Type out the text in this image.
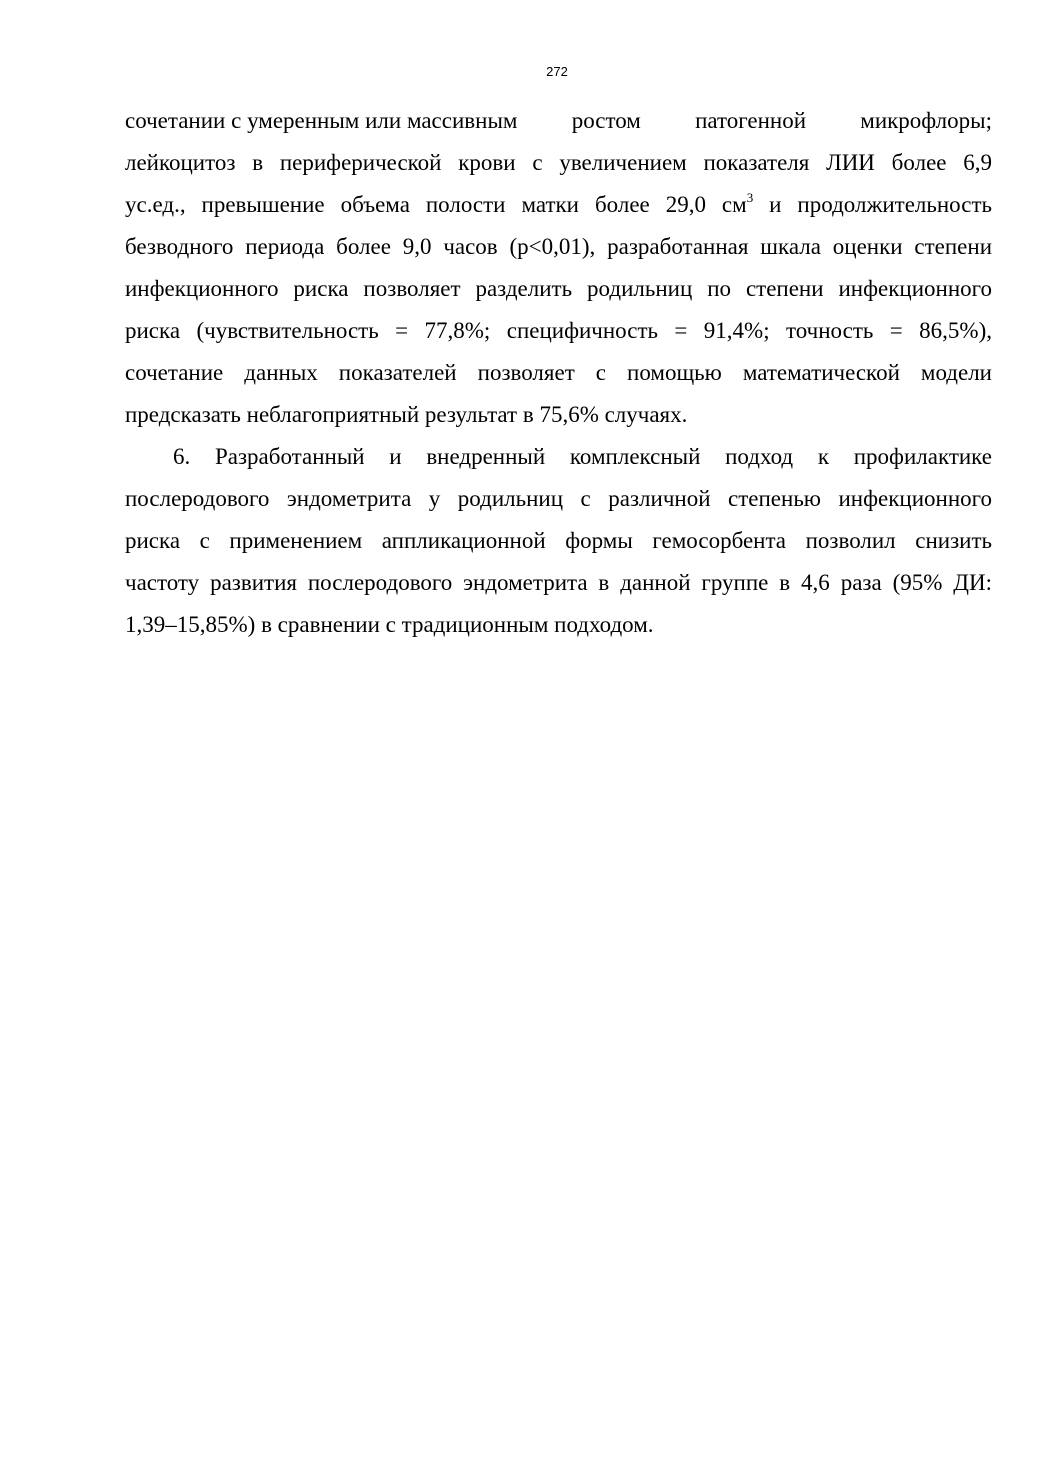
272
сочетании с умеренным или массивным ростом патогенной микрофлоры;
лейкоцитоз в периферической крови с увеличением показателя ЛИИ более 6,9
ус.ед., превышение объема полости матки более 29,0 $см^3$ и продолжительность
безводного периода более 9,0 часов (р<0,01), разработанная шкала оценки степени
инфекционного риска позволяет разделить родильниц по степени инфекционного
риска (чувствительность = 77,8%; специфичность = 91,4%; точность = 86,5%),
сочетание данных показателей позволяет с помощью математической модели
предсказать неблагоприятный результат в 75,6% случаях.
6. Разработанный и внедренный комплексный подход к профилактике
послеродового эндометрита у родильниц с различной степенью инфекционного
риска с применением аппликационной формы гемосорбента позволил снизить
частоту развития послеродового эндометрита в данной группе в 4,6 раза (95% ДИ:
1,39–15,85%) в сравнении с традиционным подходом.
